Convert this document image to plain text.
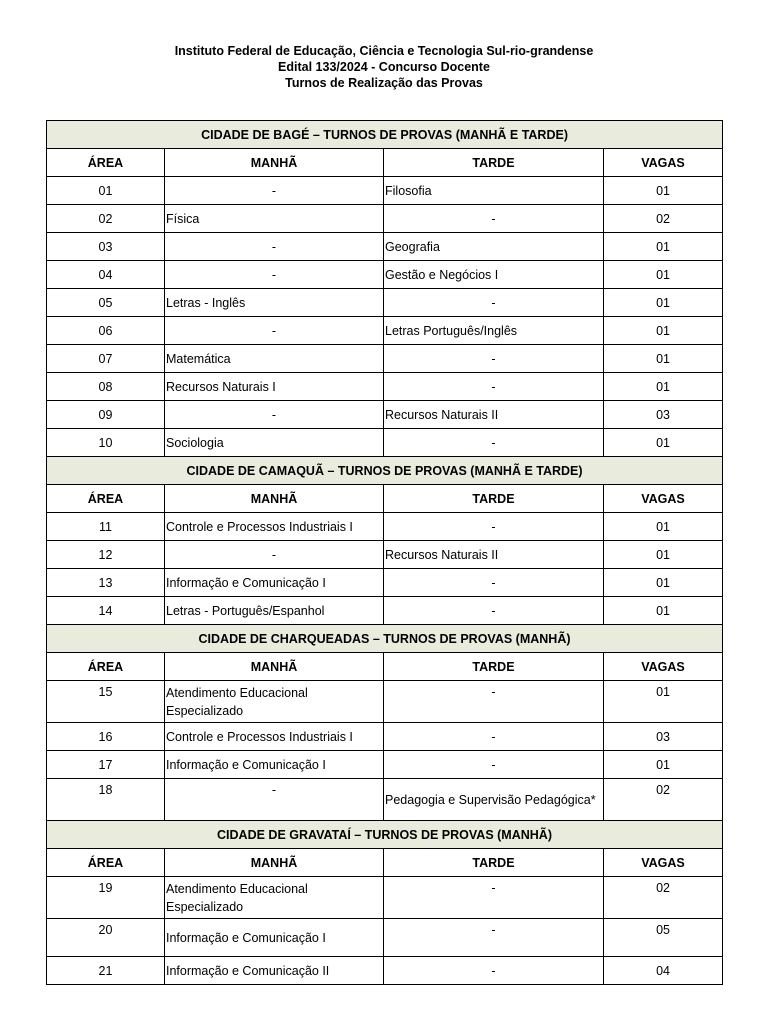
Instituto Federal de Educação, Ciência e Tecnologia Sul-rio-grandense
Edital 133/2024 - Concurso Docente
Turnos de Realização das Provas
CIDADE DE BAGÉ – TURNOS DE PROVAS (MANHÃ E TARDE)			
ÁREA	MANHÃ	TARDE	VAGAS
01	-	Filosofia	01
02	Física	-	02
03	-	Geografia	01
04	-	Gestão e Negócios I	01
05	Letras - Inglês	-	01
06	-	Letras Português/Inglês	01
07	Matemática	-	01
08	Recursos Naturais I	-	01
09	-	Recursos Naturais II	03
10	Sociologia	-	01
CIDADE DE CAMAQUÃ – TURNOS DE PROVAS (MANHÃ E TARDE)			
ÁREA	MANHÃ	TARDE	VAGAS
11	Controle e Processos Industriais I	-	01
12	-	Recursos Naturais II	01
13	Informação e Comunicação I	-	01
14	Letras - Português/Espanhol	-	01
CIDADE DE CHARQUEADAS – TURNOS DE PROVAS (MANHÃ)			
ÁREA	MANHÃ	TARDE	VAGAS
15	Atendimento Educacional Especializado	-	01
16	Controle e Processos Industriais I	-	03
17	Informação e Comunicação I	-	01
18	-	Pedagogia e Supervisão Pedagógica*	02
CIDADE DE GRAVATAÍ – TURNOS DE PROVAS (MANHÃ)			
ÁREA	MANHÃ	TARDE	VAGAS
19	Atendimento Educacional Especializado	-	02
20	Informação e Comunicação I	-	05
21	Informação e Comunicação II	-	04
